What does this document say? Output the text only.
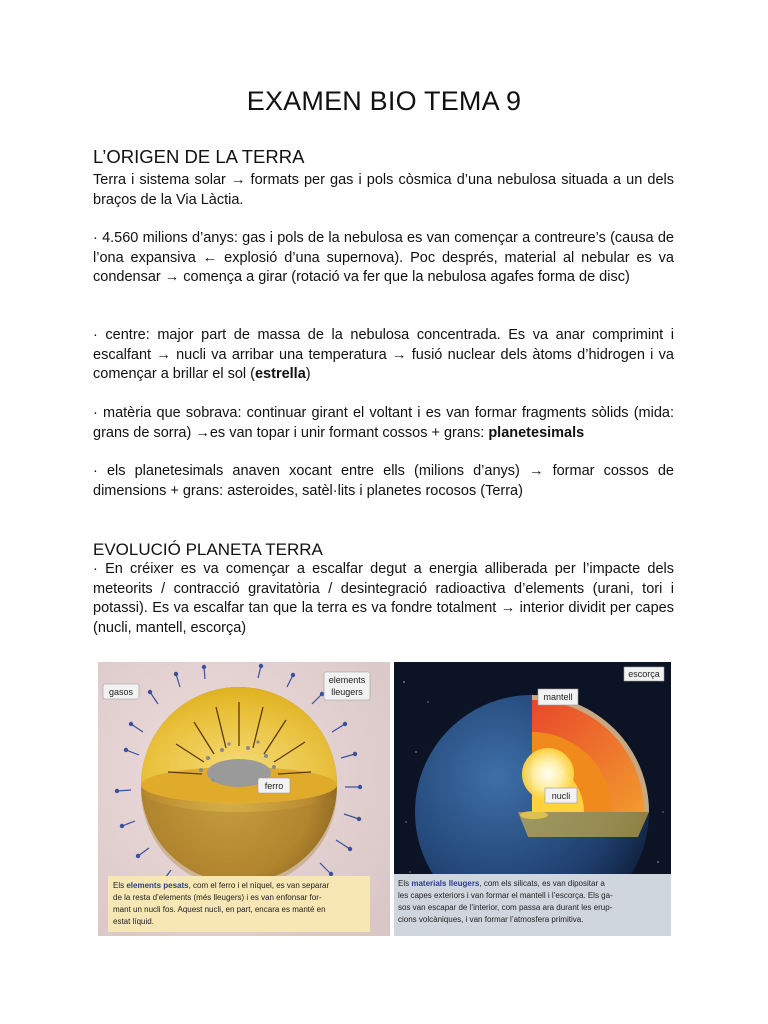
EXAMEN BIO TEMA 9
L’ORIGEN DE LA TERRA

Terra i sistema solar → formats per gas i pols còsmica d’una nebulosa situada a un dels braços de la Via Làctia.

· 4.560 milions d’anys: gas i pols de la nebulosa es van començar a contreure’s (causa de l’ona expansiva ← explosió d’una supernova). Poc després, material al nebular es va condensar → comença a girar (rotació va fer que la nebulosa agafes forma de disc)

· centre: major part de massa de la nebulosa concentrada. Es va anar comprimint i escalfant → nucli va arribar una temperatura → fusió nuclear dels àtoms d’hidrogen i va començar a brillar el sol (estrella)

· matèria que sobrava: continuar girant el voltant i es van formar fragments sòlids (mida: grans de sorra) →es van topar i unir formant cossos + grans: planetesimals

· els planetesimals anaven xocant entre ells (milions d’anys) → formar cossos de dimensions + grans: asteroides, satèl·lits i planetes rocosos (Terra)

EVOLUCIÓ PLANETA TERRA

· En créixer es va començar a escalfar degut a energia alliberada per l’impacte dels meteorits / contracció gravitatòria / desintegració radioactiva d’elements (urani, tori i potassi). Es va escalfar tan que la terra es va fondre totalment → interior dividit per capes (nucli, mantell, escorça)

gasos
elements
lleugers
ferro
Els elements pesats, com el ferro i el níquel, es van separar de la resta d’elements (més lleugers) i es van enfonsar for- mant un nucli fos. Aquest nucli, en part, encara es manté en estat líquid.
escorça
mantell
nucli
Els materials lleugers, com els silicats, es van dipositar a les capes exteriors i van formar el mantell i l’escorça. Els ga- sos van escapar de l’interior, com passa ara durant les erup- cions volcàniques, i van formar l’atmosfera primitiva.
